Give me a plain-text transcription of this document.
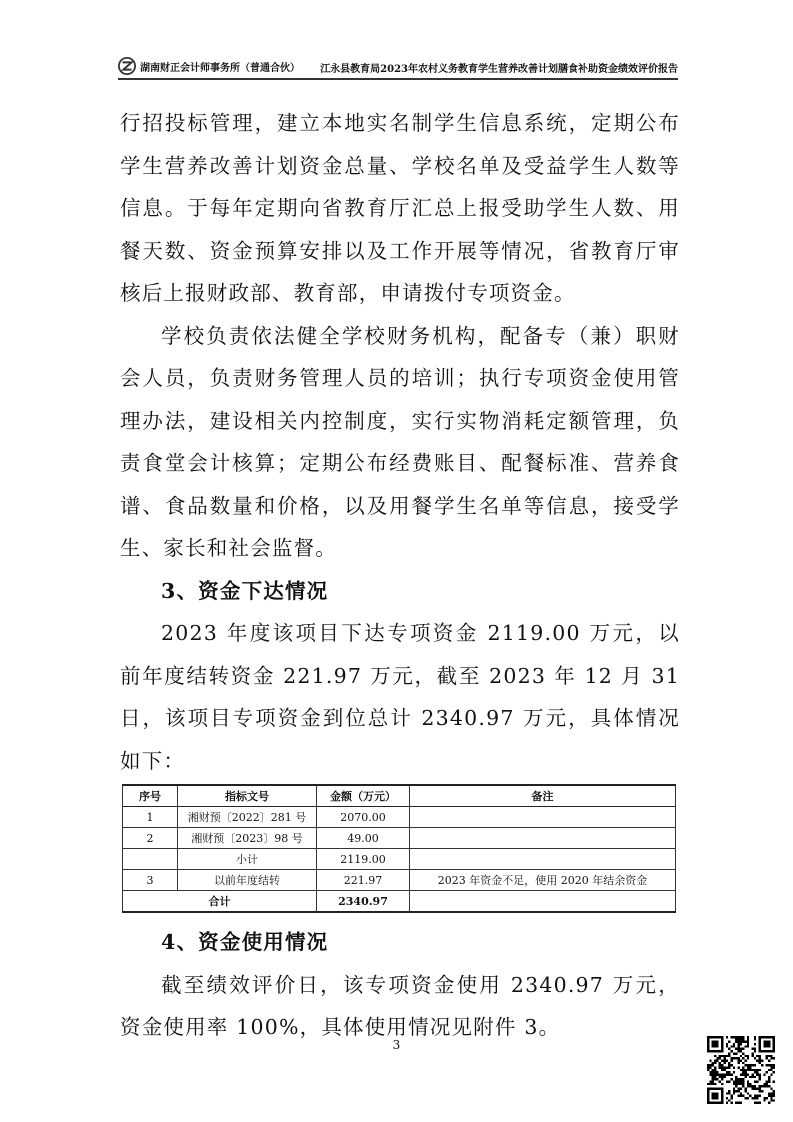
湖南财正会计师事务所（普通合伙） 江永县教育局2023年农村义务教育学生营养改善计划膳食补助资金绩效评价报告

行招投标管理，建立本地实名制学生信息系统，定期公布学生营养改善计划资金总量、学校名单及受益学生人数等信息。于每年定期向省教育厅汇总上报受助学生人数、用餐天数、资金预算安排以及工作开展等情况，省教育厅审核后上报财政部、教育部，申请拨付专项资金。

学校负责依法健全学校财务机构，配备专（兼）职财会人员，负责财务管理人员的培训；执行专项资金使用管理办法，建设相关内控制度，实行实物消耗定额管理，负责食堂会计核算；定期公布经费账目、配餐标准、营养食谱、食品数量和价格，以及用餐学生名单等信息，接受学生、家长和社会监督。

3、资金下达情况

2023 年度该项目下达专项资金 2119.00 万元，以前年度结转资金 221.97 万元，截至 2023 年 12 月 31 日，该项目专项资金到位总计 2340.97 万元，具体情况如下：

序号	指标文号	金额（万元）	备注
1	湘财预〔2022〕281 号	2070.00	
2	湘财预〔2023〕98 号	49.00	
	小计	2119.00	
3	以前年度结转	221.97	2023 年资金不足，使用 2020 年结余资金
合计		2340.97	

4、资金使用情况

截至绩效评价日，该专项资金使用 2340.97 万元，资金使用率 100%，具体使用情况见附件 3。

3
